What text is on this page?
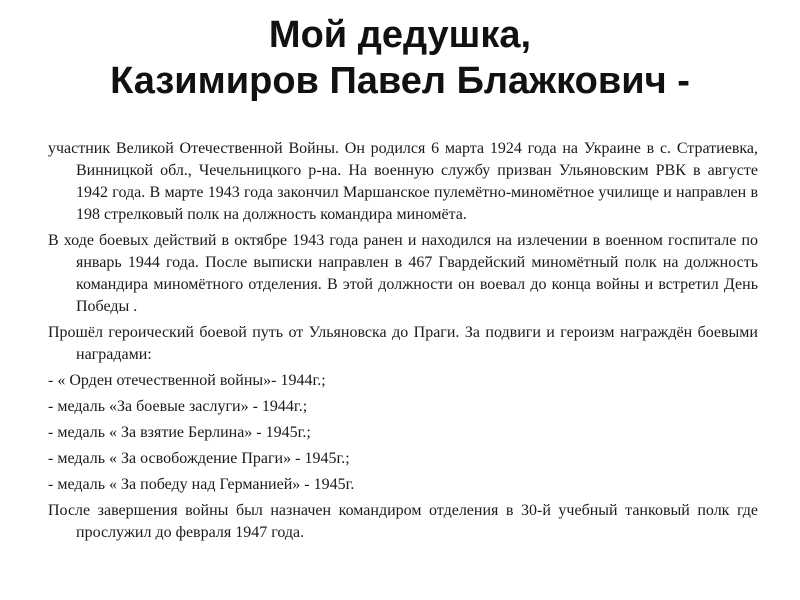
Мой дедушка,
Казимиров Павел Блажкович -

участник Великой Отечественной Войны. Он родился 6 марта 1924 года на Украине в с. Стратиевка, Винницкой обл., Чечельницкого р-на. На военную службу призван Ульяновским РВК в августе 1942 года. В марте 1943 года закончил Маршанское пулемётно-миномётное училище и направлен в 198 стрелковый полк на должность командира миномёта.

В ходе боевых действий в октябре 1943 года ранен и находился на излечении в военном госпитале по январь 1944 года. После выписки направлен в 467 Гвардейский миномётный полк на должность командира миномётного отделения. В этой должности он воевал до конца войны и встретил День Победы .

Прошёл героический боевой путь от Ульяновска до Праги. За подвиги и героизм награждён боевыми наградами:

- « Орден отечественной войны»- 1944г.;

- медаль «За боевые заслуги» - 1944г.;

- медаль « За взятие Берлина» - 1945г.;

- медаль « За освобождение Праги» - 1945г.;

- медаль « За победу над Германией» - 1945г.

После завершения войны был назначен командиром отделения в 30-й учебный танковый полк где прослужил до февраля 1947 года.
